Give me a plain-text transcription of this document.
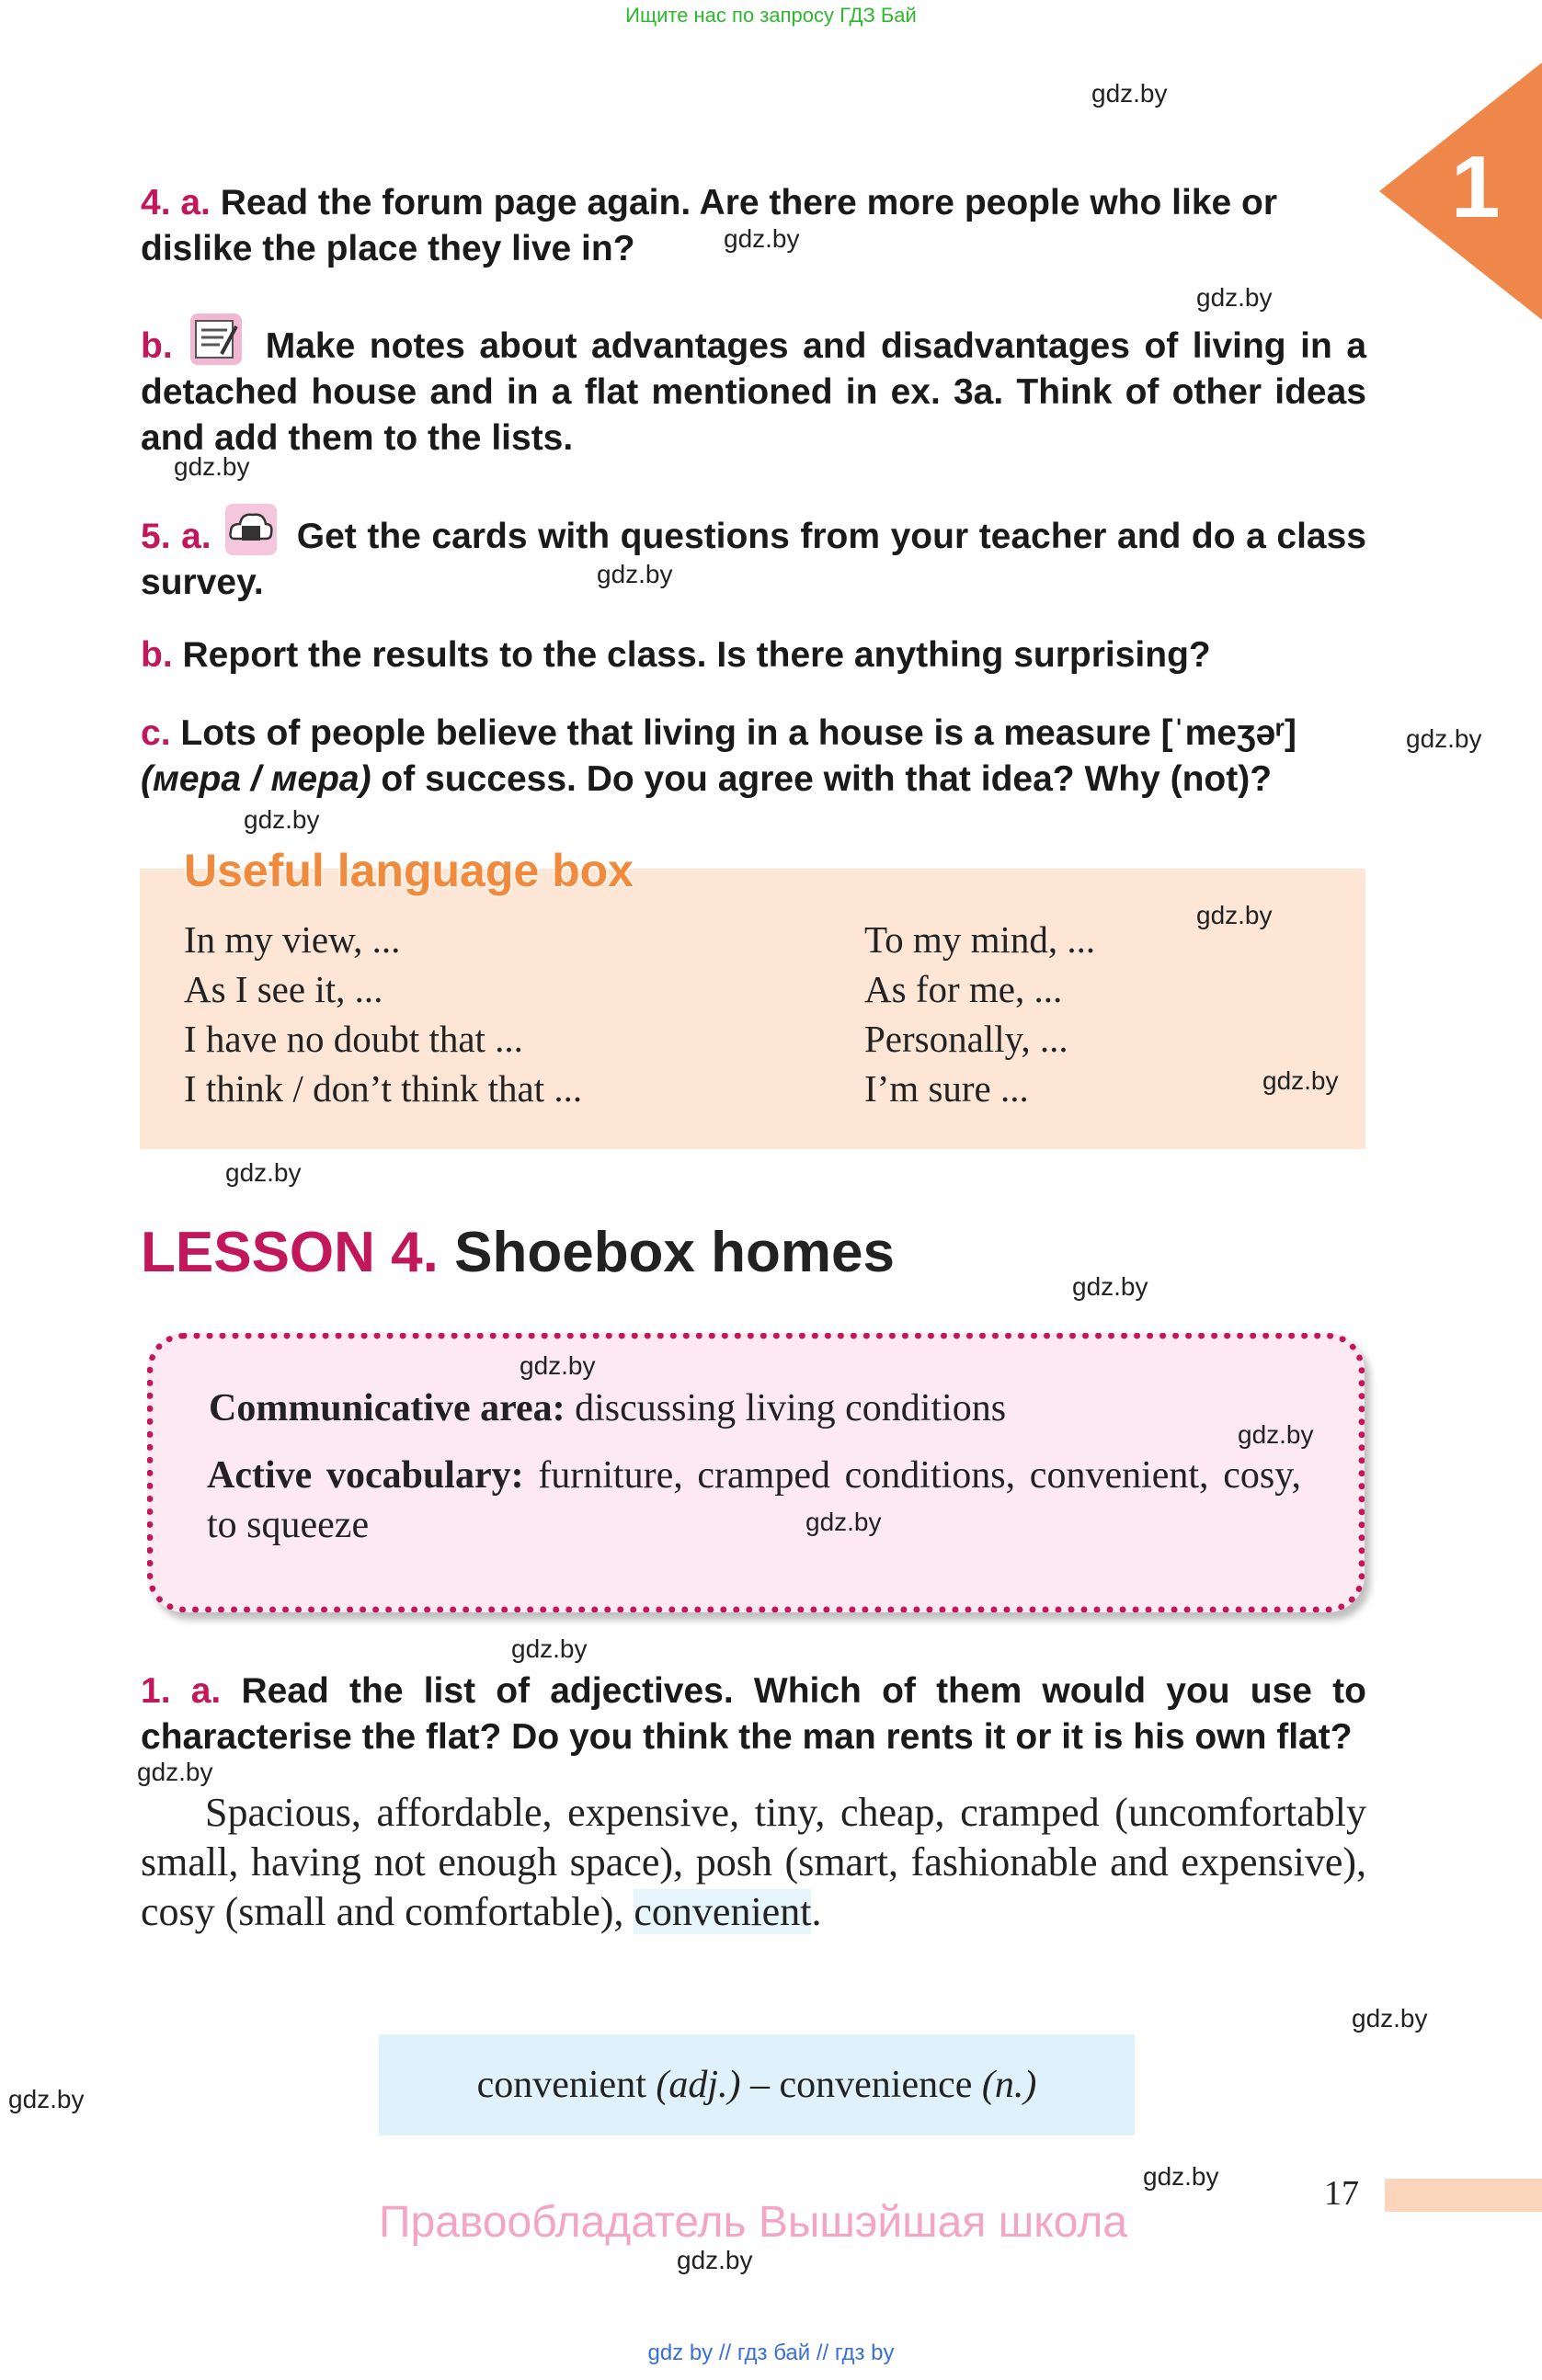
Ищите нас по запросу ГДЗ Бай
1
4. a. Read the forum page again. Are there more people who like or dislike the place they live in?
b.	Make notes about advantages and disadvantages of living in a detached house and in a flat mentioned in ex. 3a. Think of other ideas and add them to the lists.
5. a. Get the cards with questions from your teacher and do a class survey.
b. Report the results to the class. Is there anything surprising?
c. Lots of people believe that living in a house is a measure [ˈmeʒəʳ]
(мера / мера) of success. Do you agree with that idea? Why (not)?
Useful language box
In my view, ...
As I see it, ...
I have no doubt that ...
I think / don’t think that ...
To my mind, ...
As for me, ...
Personally, ...
I’m sure ...
LESSON 4. Shoebox homes
Communicative area: discussing living conditions
Active vocabulary: furniture, cramped conditions, convenient, cosy, to squeeze
1. a. Read the list of adjectives. Which of them would you use to characterise the flat? Do you think the man rents it or it is his own flat?
Spacious, affordable, expensive, tiny, cheap, cramped (uncomfortably small, having not enough space), posh (smart, fashionable and expensive), cosy (small and comfortable), convenient.
convenient (adj.) – convenience (n.)
17
Правообладатель Вышэйшая школа
gdz.by
gdz.by
gdz.by
gdz.by
gdz.by
gdz.by
gdz.by
gdz.by
gdz.by
gdz.by
gdz.by
gdz.by
gdz.by
gdz.by
gdz.by
gdz.by
gdz.by
gdz.by
gdz.by
gdz.by
gdz by // гдз бай // гдз by
